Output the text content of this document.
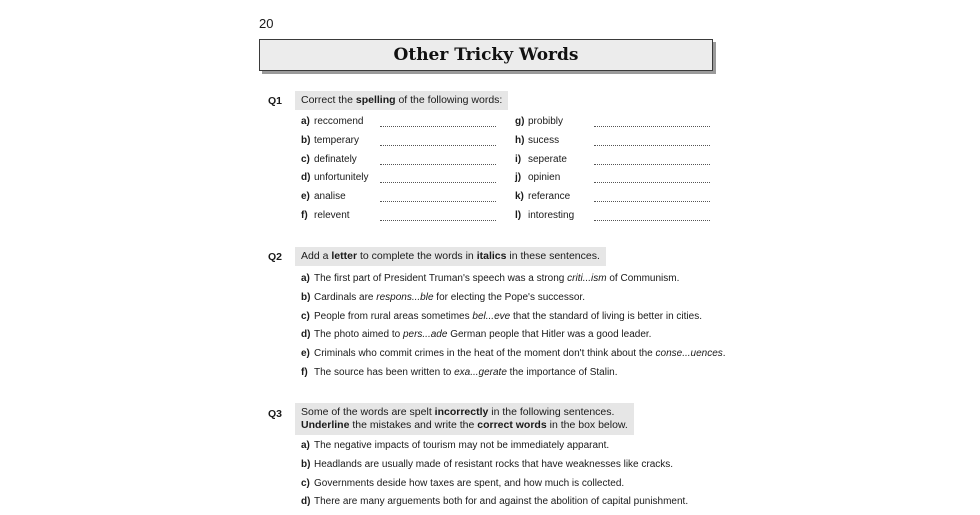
20
Other Tricky Words
Q1	Correct the spelling of the following words:
a) reccomend
b) temperary
c) definately
d) unfortunitely
e) analise
f) relevent
g) probibly
h) sucess
i) seperate
j) opinien
k) referance
l) intoresting
Q2	Add a letter to complete the words in italics in these sentences.
a) The first part of President Truman's speech was a strong criti...ism of Communism.
b) Cardinals are respons...ble for electing the Pope's successor.
c) People from rural areas sometimes bel...eve that the standard of living is better in cities.
d) The photo aimed to pers...ade German people that Hitler was a good leader.
e) Criminals who commit crimes in the heat of the moment don't think about the conse...uences.
f) The source has been written to exa...gerate the importance of Stalin.
Q3	Some of the words are spelt incorrectly in the following sentences.
Underline the mistakes and write the correct words in the box below.
a) The negative impacts of tourism may not be immediately apparant.
b) Headlands are usually made of resistant rocks that have weaknesses like cracks.
c) Governments deside how taxes are spent, and how much is collected.
d) There are many arguements both for and against the abolition of capital punishment.
